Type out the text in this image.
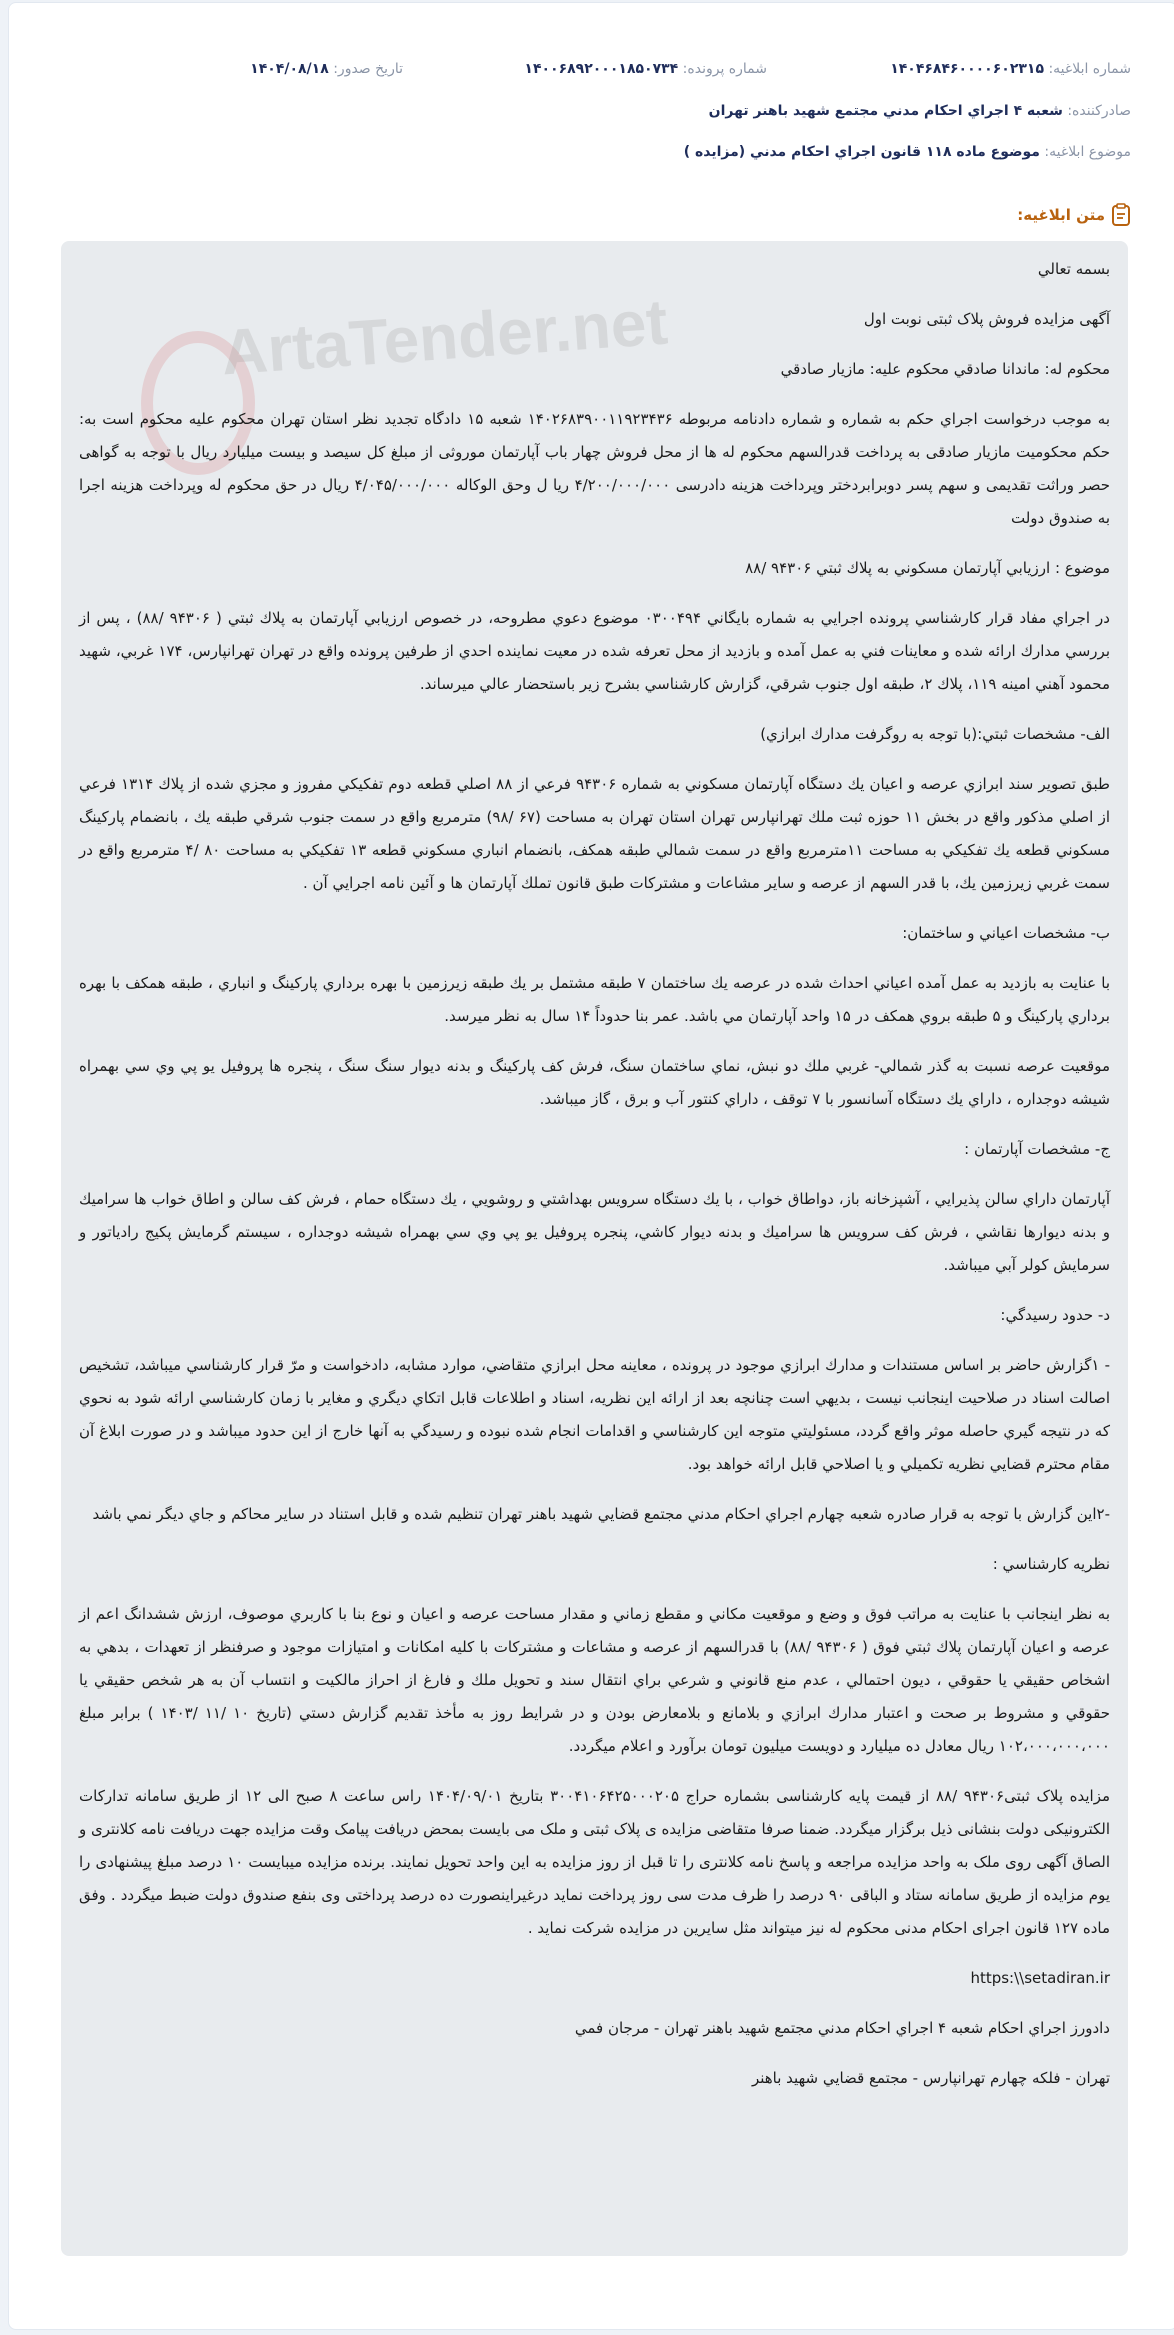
شماره ابلاغیه: ۱۴۰۴۶۸۴۶۰۰۰۰۶۰۲۳۱۵
شماره پرونده: ۱۴۰۰۶۸۹۲۰۰۰۱۸۵۰۷۳۴
تاریخ صدور: ۱۴۰۴/۰۸/۱۸
صادرکننده: شعبه ۴ اجراي احكام مدني مجتمع شهيد باهنر تهران
موضوع ابلاغیه: موضوع ماده ۱۱۸ قانون اجراي احكام مدني (مزايده )
متن ابلاغیه:
ArtaTender.net

بسمه تعالي

آگهی مزایده فروش پلاک ثبتی نوبت اول

محکوم له: ماندانا صادقي محکوم عليه: مازيار صادقي

به موجب درخواست اجراي حکم به شماره و شماره دادنامه مربوطه ۱۴۰۲۶۸۳۹۰۰۱۱۹۲۳۴۳۶ شعبه ۱۵ دادگاه تجديد نظر استان تهران محکوم عليه محکوم است به: حکم محکومیت مازیار صادقی به پرداخت قدرالسهم محکوم له ها از محل فروش چهار باب آپارتمان موروثی از مبلغ کل سیصد و بیست میلیارد ریال با توجه به گواهی حصر وراثت تقدیمی و سهم پسر دوبرابردختر وپرداخت هزینه دادرسی ۴/۲۰۰/۰۰۰/۰۰۰ ریا ل وحق الوکاله ۴/۰۴۵/۰۰۰/۰۰۰ ریال در حق محکوم له وپرداخت هزینه اجرا به صندوق دولت

موضوع : ارزيابي آپارتمان مسکوني به پلاك ثبتي ۹۴۳۰۶ /۸۸

در اجراي مفاد قرار کارشناسي پرونده اجرايي به شماره بايگاني ۰۳۰۰۴۹۴ موضوع دعوي مطروحه، در خصوص ارزيابي آپارتمان به پلاك ثبتي ( ۹۴۳۰۶ /۸۸) ، پس از بررسي مدارك ارائه شده و معاينات فني به عمل آمده و بازديد از محل تعرفه شده در معيت نماينده احدي از طرفين پرونده واقع در تهران تهرانپارس، ۱۷۴ غربي، شهيد محمود آهني امينه ۱۱۹، پلاك ۲، طبقه اول جنوب شرقي، گزارش کارشناسي بشرح زير باستحضار عالي ميرساند.

الف- مشخصات ثبتي:(با توجه به روگرفت مدارك ابرازي)

طبق تصوير سند ابرازي عرصه و اعيان يك دستگاه آپارتمان مسکوني به شماره ۹۴۳۰۶ فرعي از ۸۸ اصلي قطعه دوم تفکيکي مفروز و مجزي شده از پلاك ۱۳۱۴ فرعي از اصلي مذکور واقع در بخش ۱۱ حوزه ثبت ملك تهرانپارس تهران استان تهران به مساحت (۶۷ /۹۸) مترمربع واقع در سمت جنوب شرقي طبقه يك ، بانضمام پارکينگ مسکوني قطعه يك تفکيکي به مساحت ۱۱مترمربع واقع در سمت شمالي طبقه همکف، بانضمام انباري مسکوني قطعه ۱۳ تفکيکي به مساحت ۸۰ /۴ مترمربع واقع در سمت غربي زيرزمين يك، با قدر السهم از عرصه و ساير مشاعات و مشترکات طبق قانون تملك آپارتمان ها و آئين نامه اجرايي آن .

ب- مشخصات اعياني و ساختمان:

با عنايت به بازديد به عمل آمده اعياني احداث شده در عرصه يك ساختمان ۷ طبقه مشتمل بر يك طبقه زيرزمين با بهره برداري پارکينگ و انباري ، طبقه همکف با بهره برداري پارکينگ و ۵ طبقه بروي همکف در ۱۵ واحد آپارتمان مي باشد. عمر بنا حدوداً ۱۴ سال به نظر ميرسد.

موقعيت عرصه نسبت به گذر شمالي- غربي ملك دو نبش، نماي ساختمان سنگ، فرش کف پارکينگ و بدنه ديوار سنگ سنگ ، پنجره ها پروفيل يو پي وي سي بهمراه شيشه دوجداره ، داراي يك دستگاه آسانسور با ۷ توقف ، داراي کنتور آب و برق ، گاز ميباشد.

ج- مشخصات آپارتمان :

آپارتمان داراي سالن پذيرايي ، آشپزخانه باز، دواطاق خواب ، با يك دستگاه سرويس بهداشتي و روشويي ، يك دستگاه حمام ، فرش کف سالن و اطاق خواب ها سراميك و بدنه ديوارها نقاشي ، فرش کف سرويس ها سراميك و بدنه ديوار کاشي، پنجره پروفيل يو پي وي سي بهمراه شيشه دوجداره ، سيستم گرمايش پکيج رادياتور و سرمايش کولر آبي ميباشد.

د- حدود رسيدگي:

- ۱گزارش حاضر بر اساس مستندات و مدارك ابرازي موجود در پرونده ، معاينه محل ابرازي متقاضي، موارد مشابه، دادخواست و مرّ قرار کارشناسي ميباشد، تشخيص اصالت اسناد در صلاحيت اينجانب نيست ، بديهي است چنانچه بعد از ارائه اين نظريه، اسناد و اطلاعات قابل اتکاي ديگري و مغاير با زمان کارشناسي ارائه شود به نحوي که در نتيجه گيري حاصله موثر واقع گردد، مسئوليتي متوجه اين کارشناسي و اقدامات انجام شده نبوده و رسيدگي به آنها خارج از اين حدود ميباشد و در صورت ابلاغ آن مقام محترم قضايي نظريه تکميلي و يا اصلاحي قابل ارائه خواهد بود.

-۲اين گزارش با توجه به قرار صادره شعبه چهارم اجراي احکام مدني مجتمع قضايي شهيد باهنر تهران تنظيم شده و قابل استناد در ساير محاکم و جاي ديگر نمي باشد

نظريه کارشناسي :

به نظر اينجانب با عنايت به مراتب فوق و وضع و موقعيت مکاني و مقطع زماني و مقدار مساحت عرصه و اعيان و نوع بنا با کاربري موصوف، ارزش ششدانگ اعم از عرصه و اعيان آپارتمان پلاك ثبتي فوق ( ۹۴۳۰۶ /۸۸) با قدرالسهم از عرصه و مشاعات و مشترکات با کليه امکانات و امتيازات موجود و صرفنظر از تعهدات ، بدهي به اشخاص حقيقي يا حقوقي ، ديون احتمالي ، عدم منع قانوني و شرعي براي انتقال سند و تحويل ملك و فارغ از احراز مالکيت و انتساب آن به هر شخص حقيقي يا حقوقي و مشروط بر صحت و اعتبار مدارك ابرازي و بلامانع و بلامعارض بودن و در شرايط روز به مأخذ تقديم گزارش دستي (تاريخ ۱۰ /۱۱ /۱۴۰۳ ) برابر مبلغ ۱۰۲،۰۰۰،۰۰۰،۰۰۰ ريال معادل ده ميليارد و دويست ميليون تومان برآورد و اعلام ميگردد.

مزایده پلاک ثبتی۹۴۳۰۶ /۸۸ از قیمت پایه کارشناسی بشماره حراج ۳۰۰۴۱۰۶۴۲۵۰۰۰۲۰۵ بتاریخ ۱۴۰۴/۰۹/۰۱ راس ساعت ۸ صبح الی ۱۲ از طریق سامانه تدارکات الکترونیکی دولت بنشانی ذیل برگزار میگردد. ضمنا صرفا متقاضی مزایده ی پلاک ثبتی و ملک می بایست بمحض دریافت پیامک وقت مزایده جهت دریافت نامه کلانتری و الصاق آگهی روی ملک به واحد مزایده مراجعه و پاسخ نامه کلانتری را تا قبل از روز مزایده به این واحد تحویل نمایند. برنده مزایده میبایست ۱۰ درصد مبلغ پیشنهادی را یوم مزایده از طریق سامانه ستاد و الباقی ۹۰ درصد را ظرف مدت سی روز پرداخت نماید درغیراینصورت ده درصد پرداختی وی بنفع صندوق دولت ضبط میگردد . وفق ماده ۱۲۷ قانون اجرای احکام مدنی محکوم له نیز میتواند مثل سایرین در مزایده شرکت نماید .

https:\\setadiran.ir

دادورز اجراي احکام شعبه ۴ اجراي احکام مدني مجتمع شهيد باهنر تهران - مرجان فمي

تهران - فلکه چهارم تهرانپارس - مجتمع قضايي شهيد باهنر
